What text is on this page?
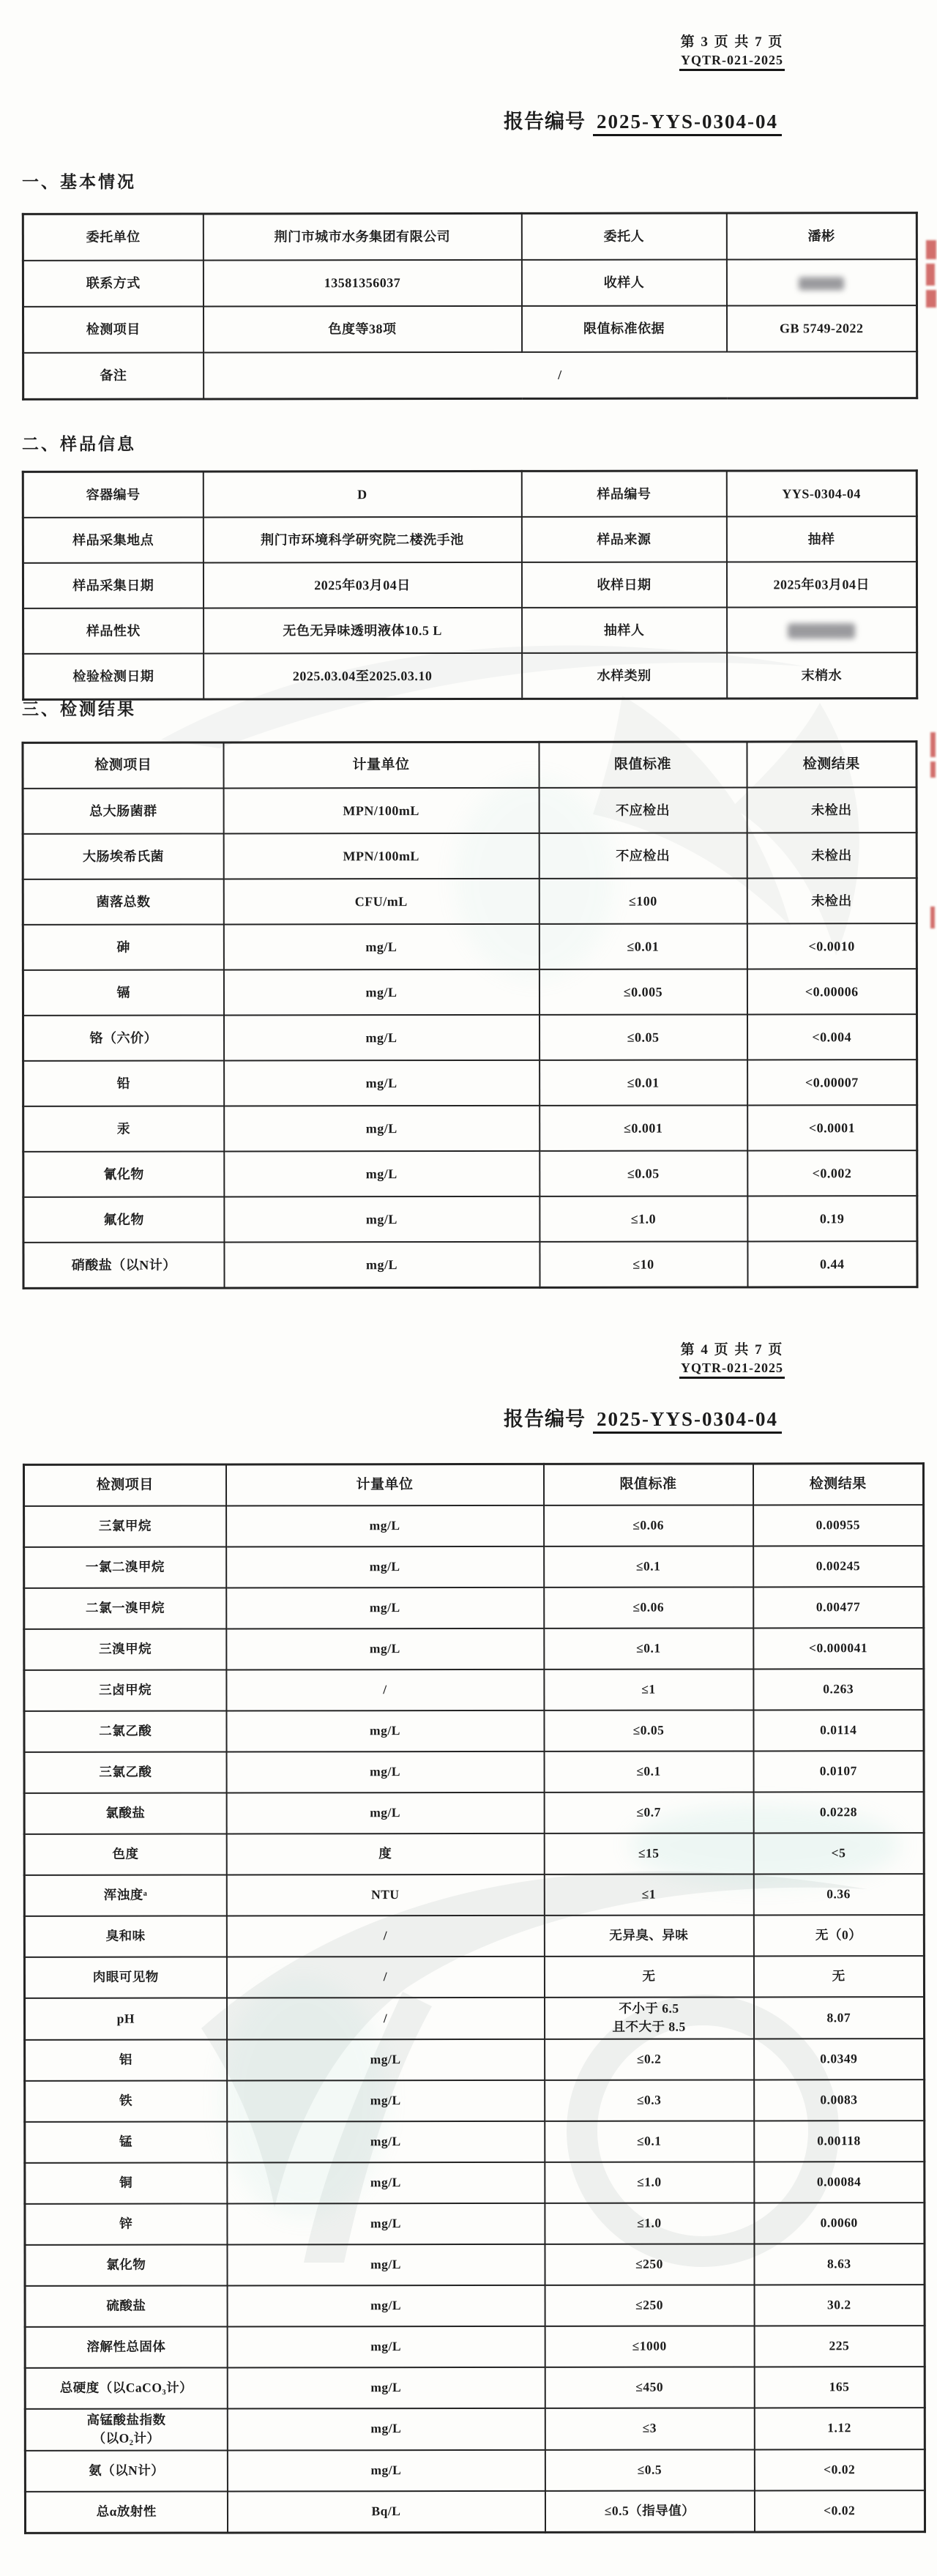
第 3 页 共 7 页
YQTR-021-2025
报告编号 2025-YYS-0304-04
一、基本情况
委托单位	荆门市城市水务集团有限公司	委托人	潘彬
联系方式	13581356037	收样人	
检测项目	色度等38项	限值标准依据	GB 5749-2022
备注	/		
二、样品信息
容器编号	D	样品编号	YYS-0304-04
样品采集地点	荆门市环境科学研究院二楼洗手池	样品来源	抽样
样品采集日期	2025年03月04日	收样日期	2025年03月04日
样品性状	无色无异味透明液体10.5 L	抽样人	
检验检测日期	2025.03.04至2025.03.10	水样类别	末梢水
三、检测结果
检测项目	计量单位	限值标准	检测结果
总大肠菌群	MPN/100mL	不应检出	未检出
大肠埃希氏菌	MPN/100mL	不应检出	未检出
菌落总数	CFU/mL	≤100	未检出
砷	mg/L	≤0.01	<0.0010
镉	mg/L	≤0.005	<0.00006
铬（六价）	mg/L	≤0.05	<0.004
铅	mg/L	≤0.01	<0.00007
汞	mg/L	≤0.001	<0.0001
氰化物	mg/L	≤0.05	<0.002
氟化物	mg/L	≤1.0	0.19
硝酸盐（以N计）	mg/L	≤10	0.44
第 4 页 共 7 页
YQTR-021-2025
报告编号 2025-YYS-0304-04
检测项目	计量单位	限值标准	检测结果
三氯甲烷	mg/L	≤0.06	0.00955
一氯二溴甲烷	mg/L	≤0.1	0.00245
二氯一溴甲烷	mg/L	≤0.06	0.00477
三溴甲烷	mg/L	≤0.1	<0.000041
三卤甲烷	/	≤1	0.263
二氯乙酸	mg/L	≤0.05	0.0114
三氯乙酸	mg/L	≤0.1	0.0107
氯酸盐	mg/L	≤0.7	0.0228
色度	度	≤15	<5
浑浊度ᵃ	NTU	≤1	0.36
臭和味	/	无异臭、异味	无（0）
肉眼可见物	/	无	无
pH	/	不小于 6.5
且不大于 8.5	8.07
铝	mg/L	≤0.2	0.0349
铁	mg/L	≤0.3	0.0083
锰	mg/L	≤0.1	0.00118
铜	mg/L	≤1.0	0.00084
锌	mg/L	≤1.0	0.0060
氯化物	mg/L	≤250	8.63
硫酸盐	mg/L	≤250	30.2
溶解性总固体	mg/L	≤1000	225
总硬度（以CaCO₃计）	mg/L	≤450	165
高锰酸盐指数
（以O₂计）	mg/L	≤3	1.12
氨（以N计）	mg/L	≤0.5	<0.02
总α放射性	Bq/L	≤0.5（指导值）	<0.02
